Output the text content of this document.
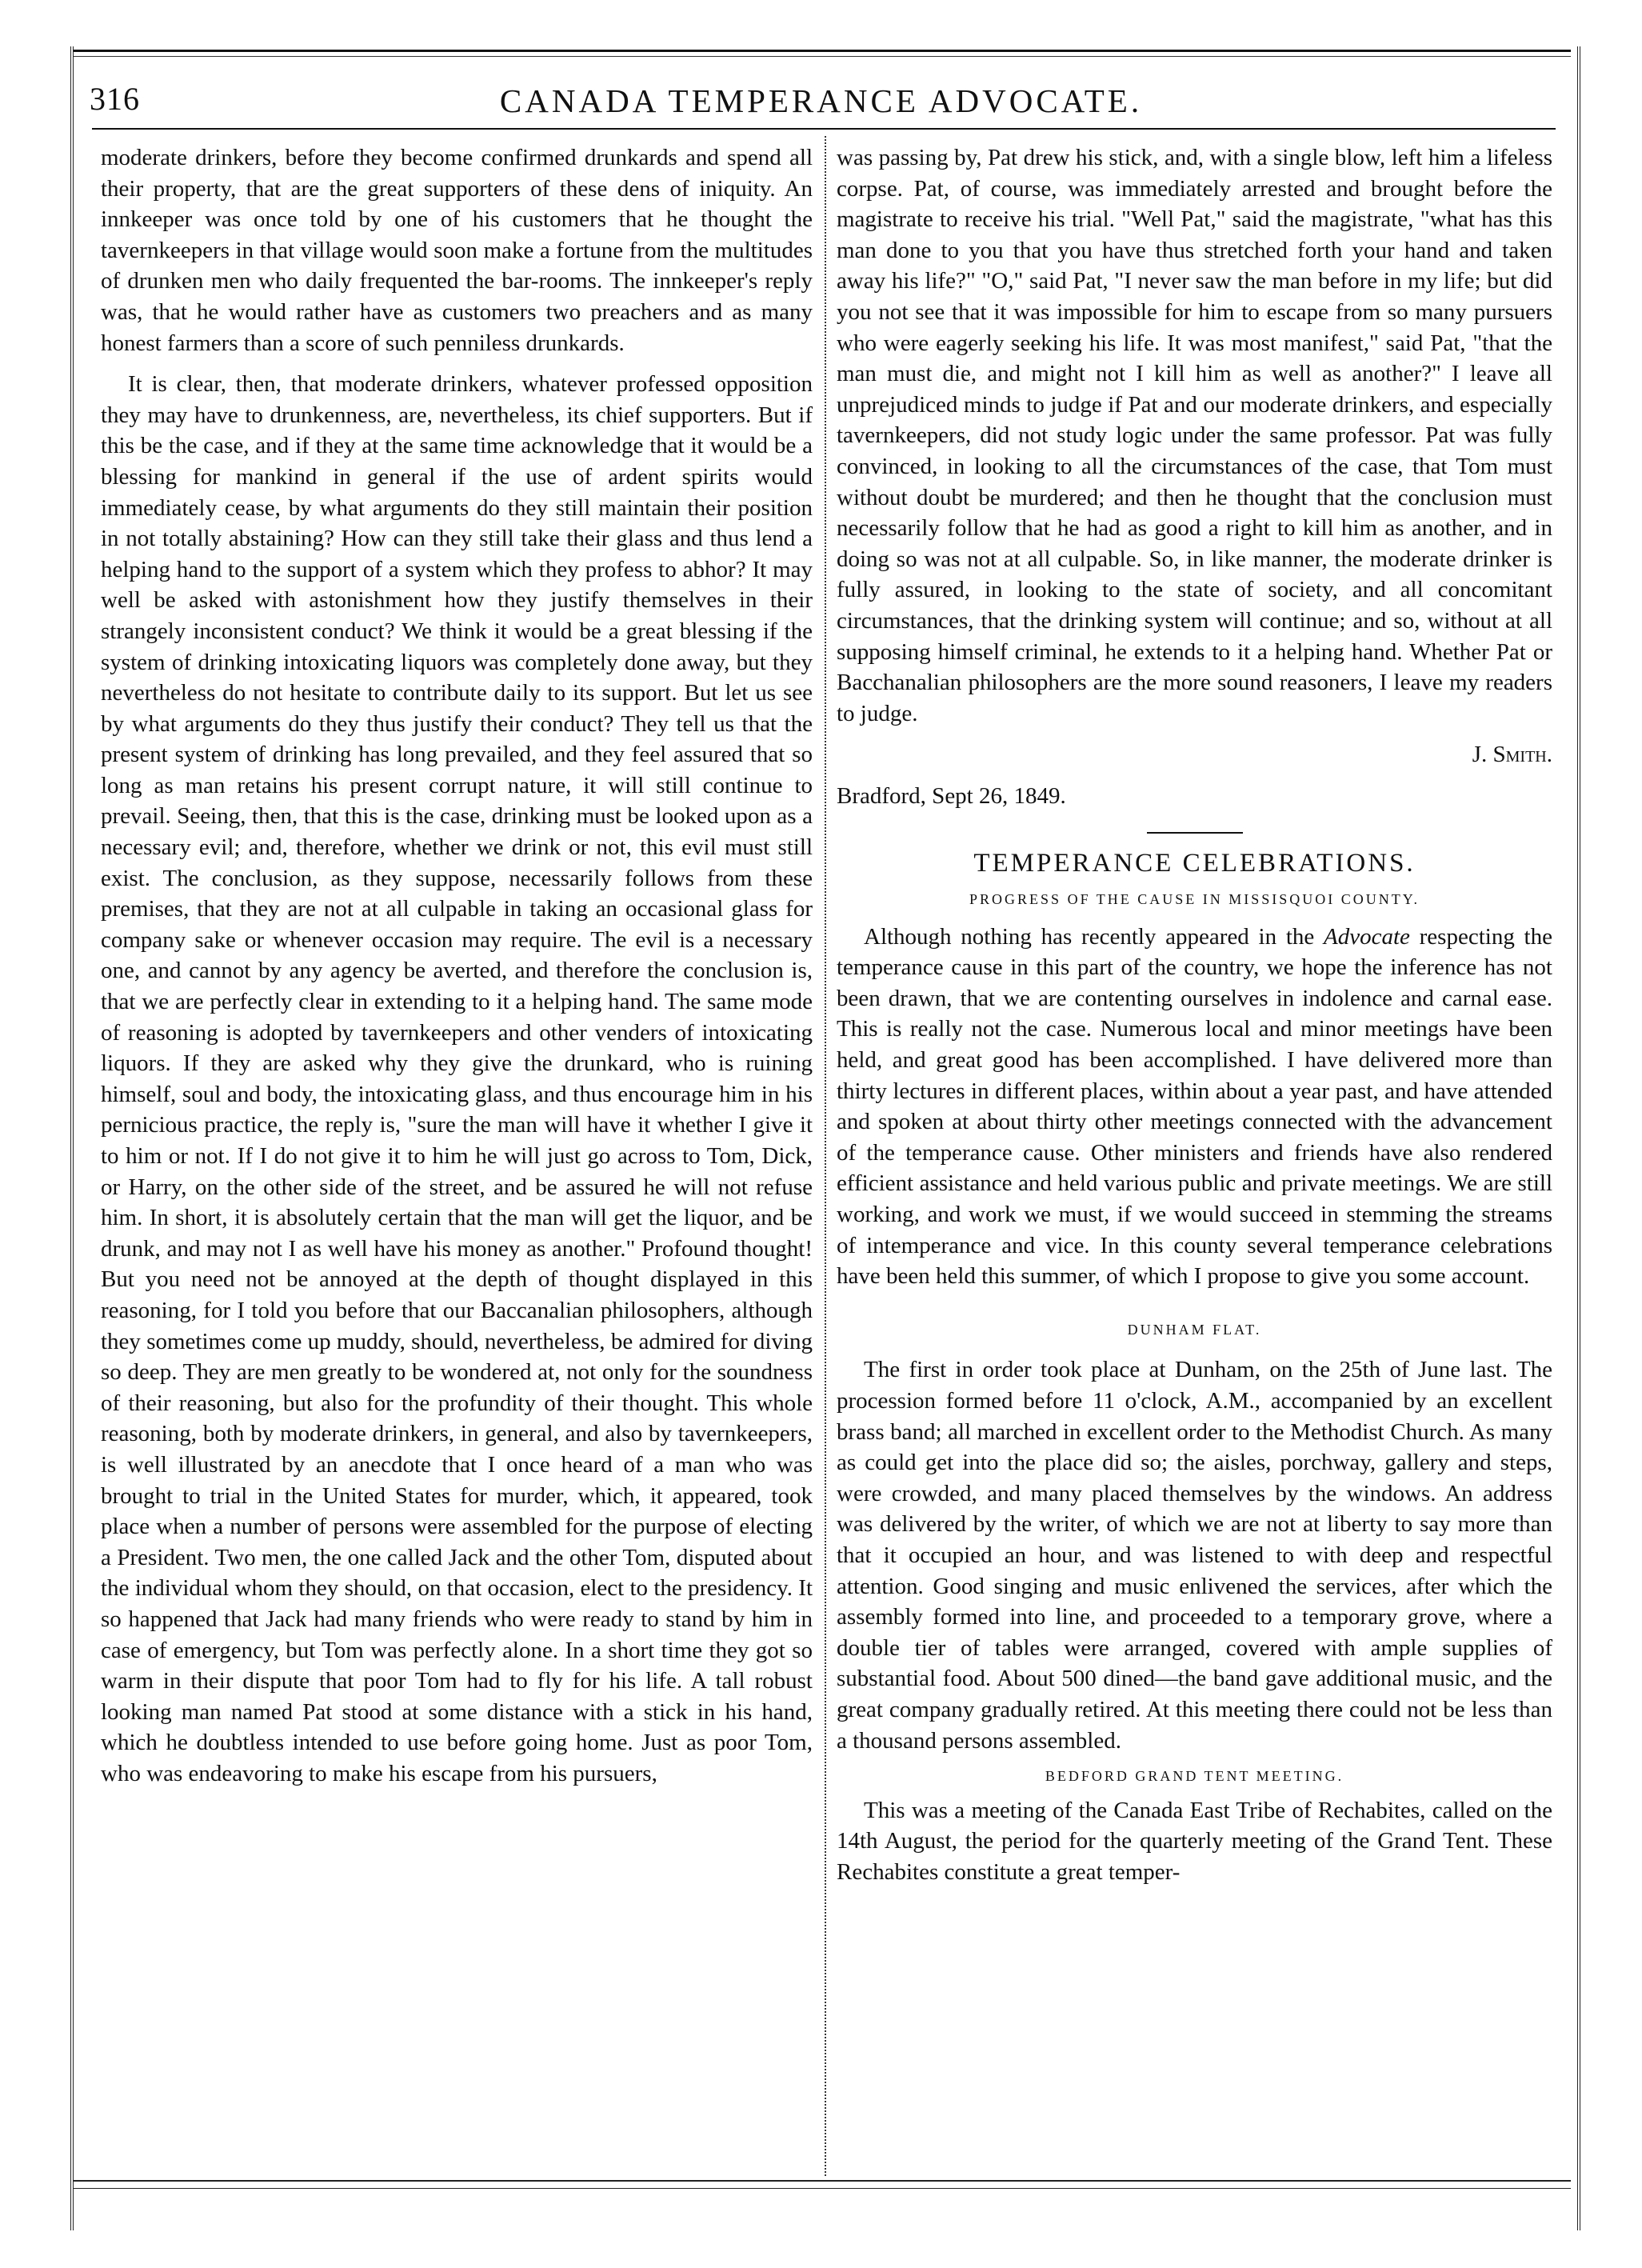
316	CANADA TEMPERANCE ADVOCATE.

moderate drinkers, before they become confirmed drunkards and spend all their property, that are the great supporters of these dens of iniquity. An innkeeper was once told by one of his customers that he thought the tavernkeepers in that village would soon make a fortune from the multitudes of drunken men who daily frequented the bar-rooms. The innkeeper's reply was, that he would rather have as customers two preachers and as many honest farmers than a score of such penniless drunkards.

It is clear, then, that moderate drinkers, whatever professed opposition they may have to drunkenness, are, nevertheless, its chief supporters. But if this be the case, and if they at the same time acknowledge that it would be a blessing for mankind in general if the use of ardent spirits would immediately cease, by what arguments do they still maintain their position in not totally abstaining? How can they still take their glass and thus lend a helping hand to the support of a system which they profess to abhor? It may well be asked with astonishment how they justify themselves in their strangely inconsistent conduct? We think it would be a great blessing if the system of drinking intoxicating liquors was completely done away, but they nevertheless do not hesitate to contribute daily to its support. But let us see by what arguments do they thus justify their conduct? They tell us that the present system of drinking has long prevailed, and they feel assured that so long as man retains his present corrupt nature, it will still continue to prevail. Seeing, then, that this is the case, drinking must be looked upon as a necessary evil; and, therefore, whether we drink or not, this evil must still exist. The conclusion, as they suppose, necessarily follows from these premises, that they are not at all culpable in taking an occasional glass for company sake or whenever occasion may require. The evil is a necessary one, and cannot by any agency be averted, and therefore the conclusion is, that we are perfectly clear in extending to it a helping hand. The same mode of reasoning is adopted by tavernkeepers and other venders of intoxicating liquors. If they are asked why they give the drunkard, who is ruining himself, soul and body, the intoxicating glass, and thus encourage him in his pernicious practice, the reply is, "sure the man will have it whether I give it to him or not. If I do not give it to him he will just go across to Tom, Dick, or Harry, on the other side of the street, and be assured he will not refuse him. In short, it is absolutely certain that the man will get the liquor, and be drunk, and may not I as well have his money as another." Profound thought! But you need not be annoyed at the depth of thought displayed in this reasoning, for I told you before that our Baccanalian philosophers, although they sometimes come up muddy, should, nevertheless, be admired for diving so deep. They are men greatly to be wondered at, not only for the soundness of their reasoning, but also for the profundity of their thought. This whole reasoning, both by moderate drinkers, in general, and also by tavernkeepers, is well illustrated by an anecdote that I once heard of a man who was brought to trial in the United States for murder, which, it appeared, took place when a number of persons were assembled for the purpose of electing a President. Two men, the one called Jack and the other Tom, disputed about the individual whom they should, on that occasion, elect to the presidency. It so happened that Jack had many friends who were ready to stand by him in case of emergency, but Tom was perfectly alone. In a short time they got so warm in their dispute that poor Tom had to fly for his life. A tall robust looking man named Pat stood at some distance with a stick in his hand, which he doubtless intended to use before going home. Just as poor Tom, who was endeavoring to make his escape from his pursuers,

was passing by, Pat drew his stick, and, with a single blow, left him a lifeless corpse. Pat, of course, was immediately arrested and brought before the magistrate to receive his trial. "Well Pat," said the magistrate, "what has this man done to you that you have thus stretched forth your hand and taken away his life?" "O," said Pat, "I never saw the man before in my life; but did you not see that it was impossible for him to escape from so many pursuers who were eagerly seeking his life. It was most manifest," said Pat, "that the man must die, and might not I kill him as well as another?" I leave all unprejudiced minds to judge if Pat and our moderate drinkers, and especially tavernkeepers, did not study logic under the same professor. Pat was fully convinced, in looking to all the circumstances of the case, that Tom must without doubt be murdered; and then he thought that the conclusion must necessarily follow that he had as good a right to kill him as another, and in doing so was not at all culpable. So, in like manner, the moderate drinker is fully assured, in looking to the state of society, and all concomitant circumstances, that the drinking system will continue; and so, without at all supposing himself criminal, he extends to it a helping hand. Whether Pat or Bacchanalian philosophers are the more sound reasoners, I leave my readers to judge.

J. Smith.

Bradford, Sept 26, 1849.

TEMPERANCE CELEBRATIONS.
PROGRESS OF THE CAUSE IN MISSISQUOI COUNTY.

Although nothing has recently appeared in the Advocate respecting the temperance cause in this part of the country, we hope the inference has not been drawn, that we are contenting ourselves in indolence and carnal ease. This is really not the case. Numerous local and minor meetings have been held, and great good has been accomplished. I have delivered more than thirty lectures in different places, within about a year past, and have attended and spoken at about thirty other meetings connected with the advancement of the temperance cause. Other ministers and friends have also rendered efficient assistance and held various public and private meetings. We are still working, and work we must, if we would succeed in stemming the streams of intemperance and vice. In this county several temperance celebrations have been held this summer, of which I propose to give you some account.

DUNHAM FLAT.

The first in order took place at Dunham, on the 25th of June last. The procession formed before 11 o'clock, A.M., accompanied by an excellent brass band; all marched in excellent order to the Methodist Church. As many as could get into the place did so; the aisles, porchway, gallery and steps, were crowded, and many placed themselves by the windows. An address was delivered by the writer, of which we are not at liberty to say more than that it occupied an hour, and was listened to with deep and respectful attention. Good singing and music enlivened the services, after which the assembly formed into line, and proceeded to a temporary grove, where a double tier of tables were arranged, covered with ample supplies of substantial food. About 500 dined—the band gave additional music, and the great company gradually retired. At this meeting there could not be less than a thousand persons assembled.

BEDFORD GRAND TENT MEETING.

This was a meeting of the Canada East Tribe of Rechabites, called on the 14th August, the period for the quarterly meeting of the Grand Tent. These Rechabites constitute a great temper-
